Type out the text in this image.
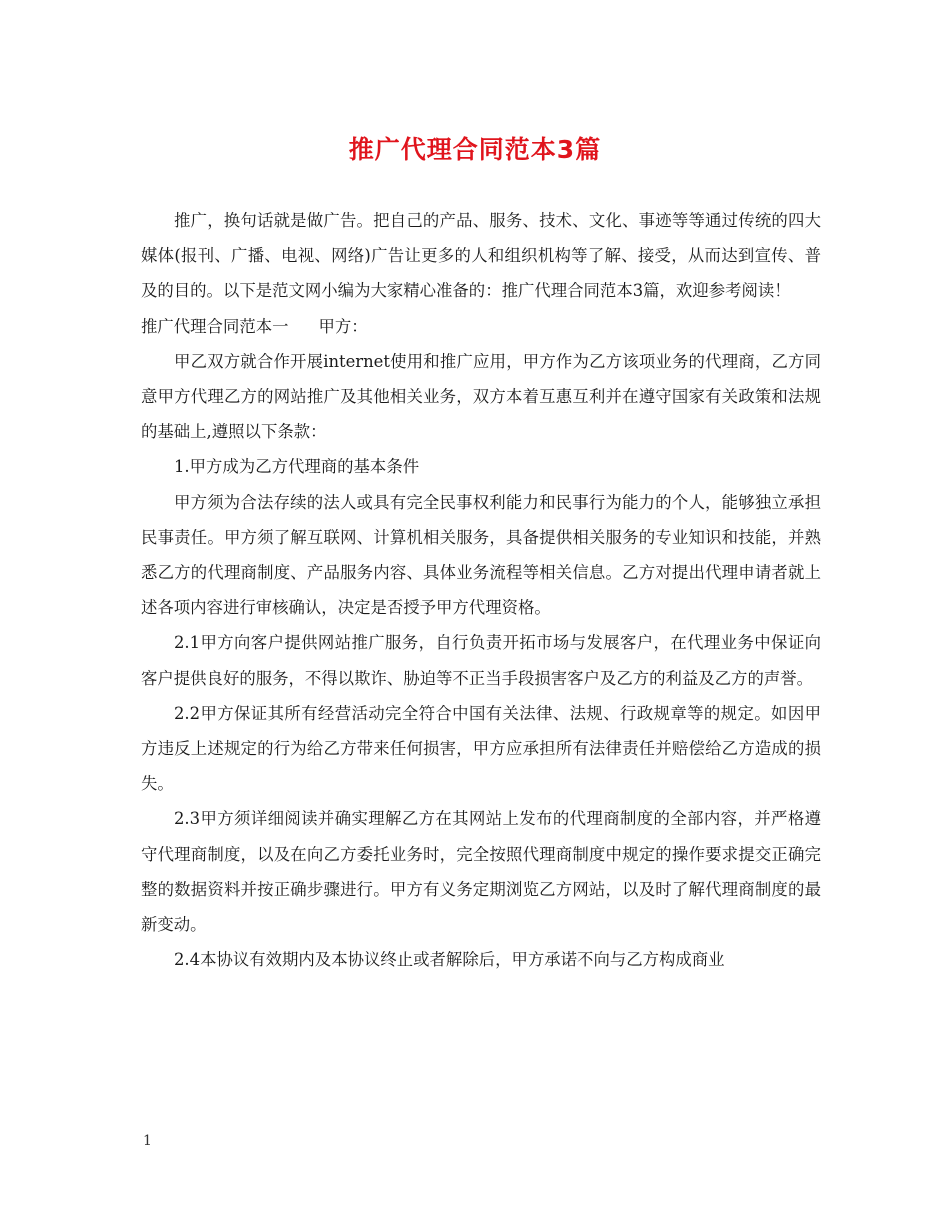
推广代理合同范本3篇

推广，换句话就是做广告。把自己的产品、服务、技术、文化、事迹等等通过传统的四大媒体(报刊、广播、电视、网络)广告让更多的人和组织机构等了解、接受，从而达到宣传、普及的目的。以下是范文网小编为大家精心准备的：推广代理合同范本3篇，欢迎参考阅读！

推广代理合同范本一 甲方：

甲乙双方就合作开展internet使用和推广应用，甲方作为乙方该项业务的代理商，乙方同意甲方代理乙方的网站推广及其他相关业务，双方本着互惠互利并在遵守国家有关政策和法规的基础上,遵照以下条款：

1.甲方成为乙方代理商的基本条件

甲方须为合法存续的法人或具有完全民事权利能力和民事行为能力的个人，能够独立承担民事责任。甲方须了解互联网、计算机相关服务，具备提供相关服务的专业知识和技能，并熟悉乙方的代理商制度、产品服务内容、具体业务流程等相关信息。乙方对提出代理申请者就上述各项内容进行审核确认，决定是否授予甲方代理资格。

2.1甲方向客户提供网站推广服务，自行负责开拓市场与发展客户，在代理业务中保证向客户提供良好的服务，不得以欺诈、胁迫等不正当手段损害客户及乙方的利益及乙方的声誉。

2.2甲方保证其所有经营活动完全符合中国有关法律、法规、行政规章等的规定。如因甲方违反上述规定的行为给乙方带来任何损害，甲方应承担所有法律责任并赔偿给乙方造成的损失。

2.3甲方须详细阅读并确实理解乙方在其网站上发布的代理商制度的全部内容，并严格遵守代理商制度，以及在向乙方委托业务时，完全按照代理商制度中规定的操作要求提交正确完整的数据资料并按正确步骤进行。甲方有义务定期浏览乙方网站，以及时了解代理商制度的最新变动。

2.4本协议有效期内及本协议终止或者解除后，甲方承诺不向与乙方构成商业

1
